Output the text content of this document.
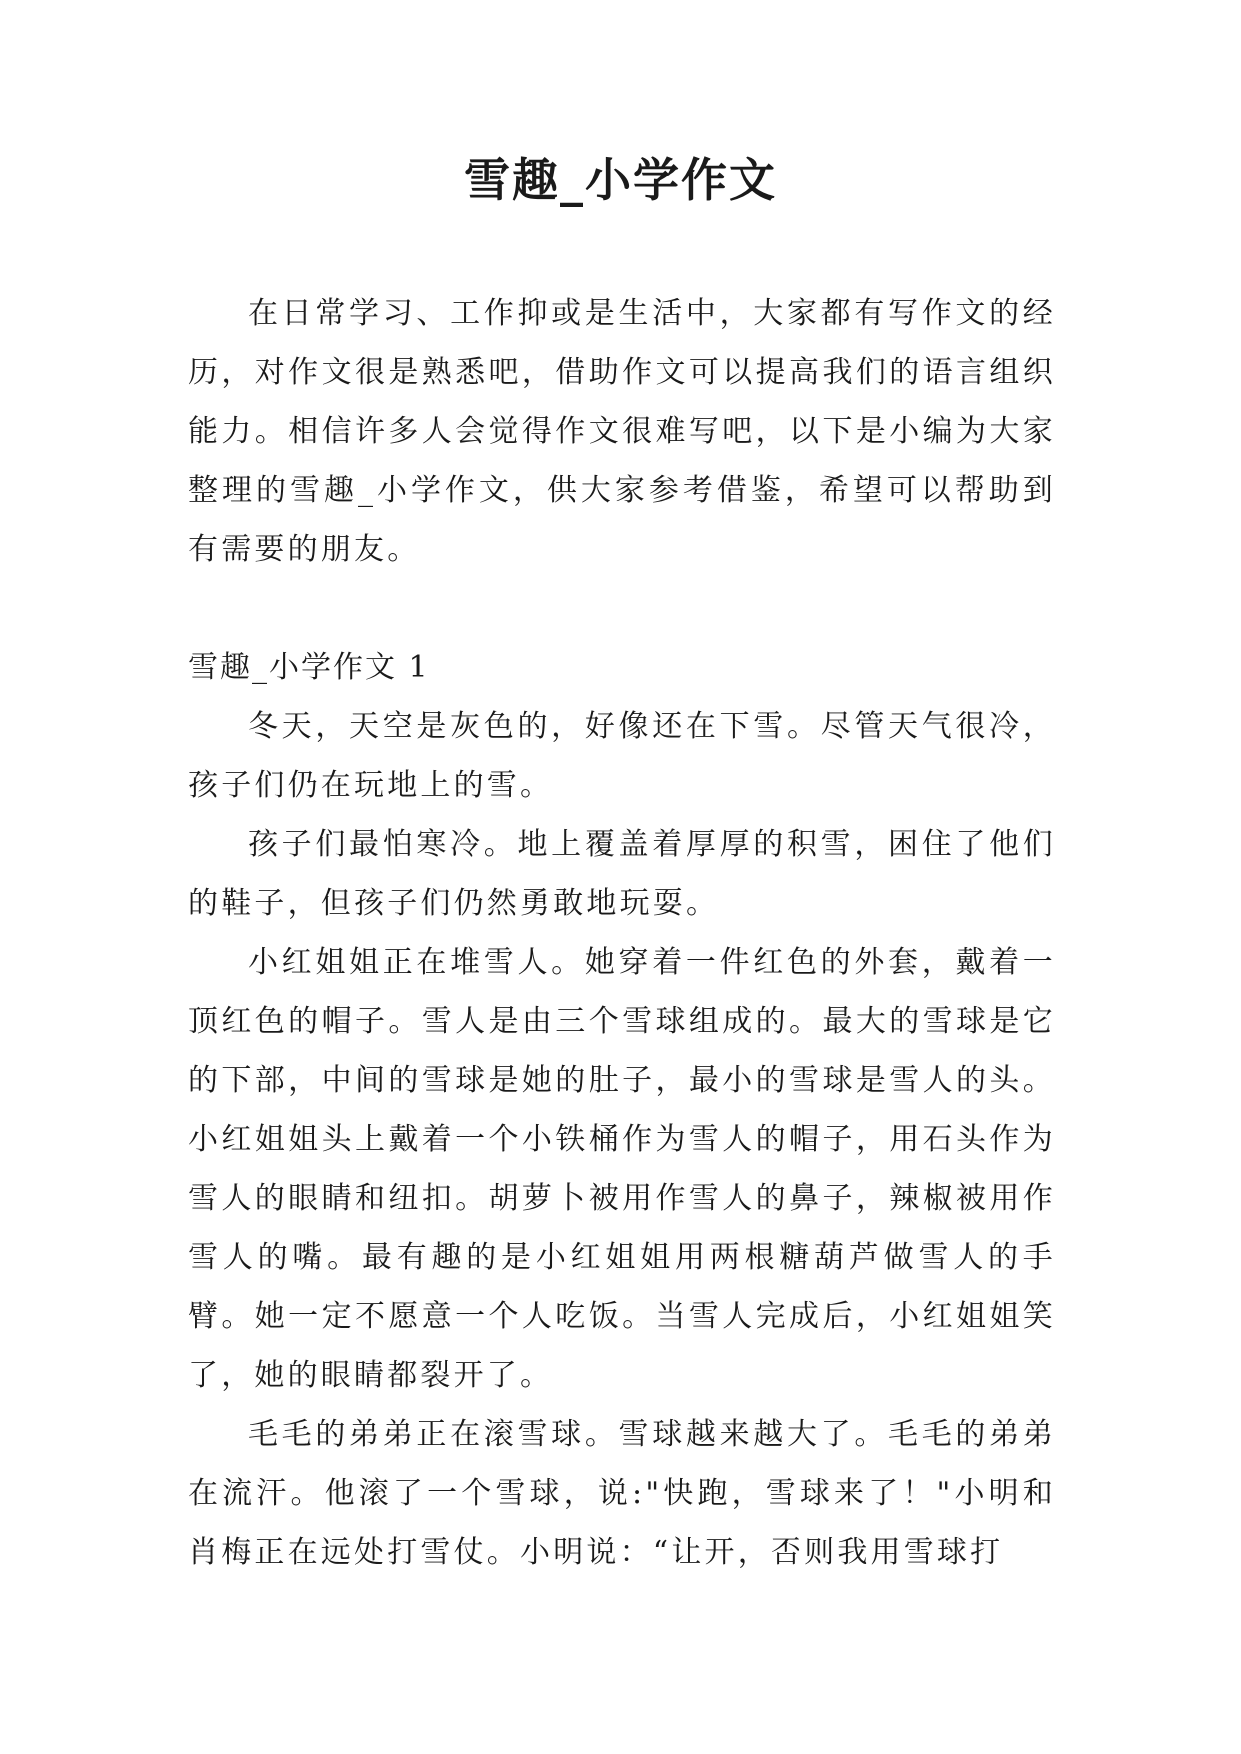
雪趣_小学作文

在日常学习、工作抑或是生活中，大家都有写作文的经历，对作文很是熟悉吧，借助作文可以提高我们的语言组织能力。相信许多人会觉得作文很难写吧，以下是小编为大家整理的雪趣_小学作文，供大家参考借鉴，希望可以帮助到有需要的朋友。

雪趣_小学作文 1

冬天，天空是灰色的，好像还在下雪。尽管天气很冷，孩子们仍在玩地上的雪。

孩子们最怕寒冷。地上覆盖着厚厚的积雪，困住了他们的鞋子，但孩子们仍然勇敢地玩耍。

小红姐姐正在堆雪人。她穿着一件红色的外套，戴着一顶红色的帽子。雪人是由三个雪球组成的。最大的雪球是它的下部，中间的雪球是她的肚子，最小的雪球是雪人的头。小红姐姐头上戴着一个小铁桶作为雪人的帽子，用石头作为雪人的眼睛和纽扣。胡萝卜被用作雪人的鼻子，辣椒被用作雪人的嘴。最有趣的是小红姐姐用两根糖葫芦做雪人的手臂。她一定不愿意一个人吃饭。当雪人完成后，小红姐姐笑了，她的眼睛都裂开了。

毛毛的弟弟正在滚雪球。雪球越来越大了。毛毛的弟弟在流汗。他滚了一个雪球，说:"快跑，雪球来了！"小明和肖梅正在远处打雪仗。小明说：“让开，否则我用雪球打
